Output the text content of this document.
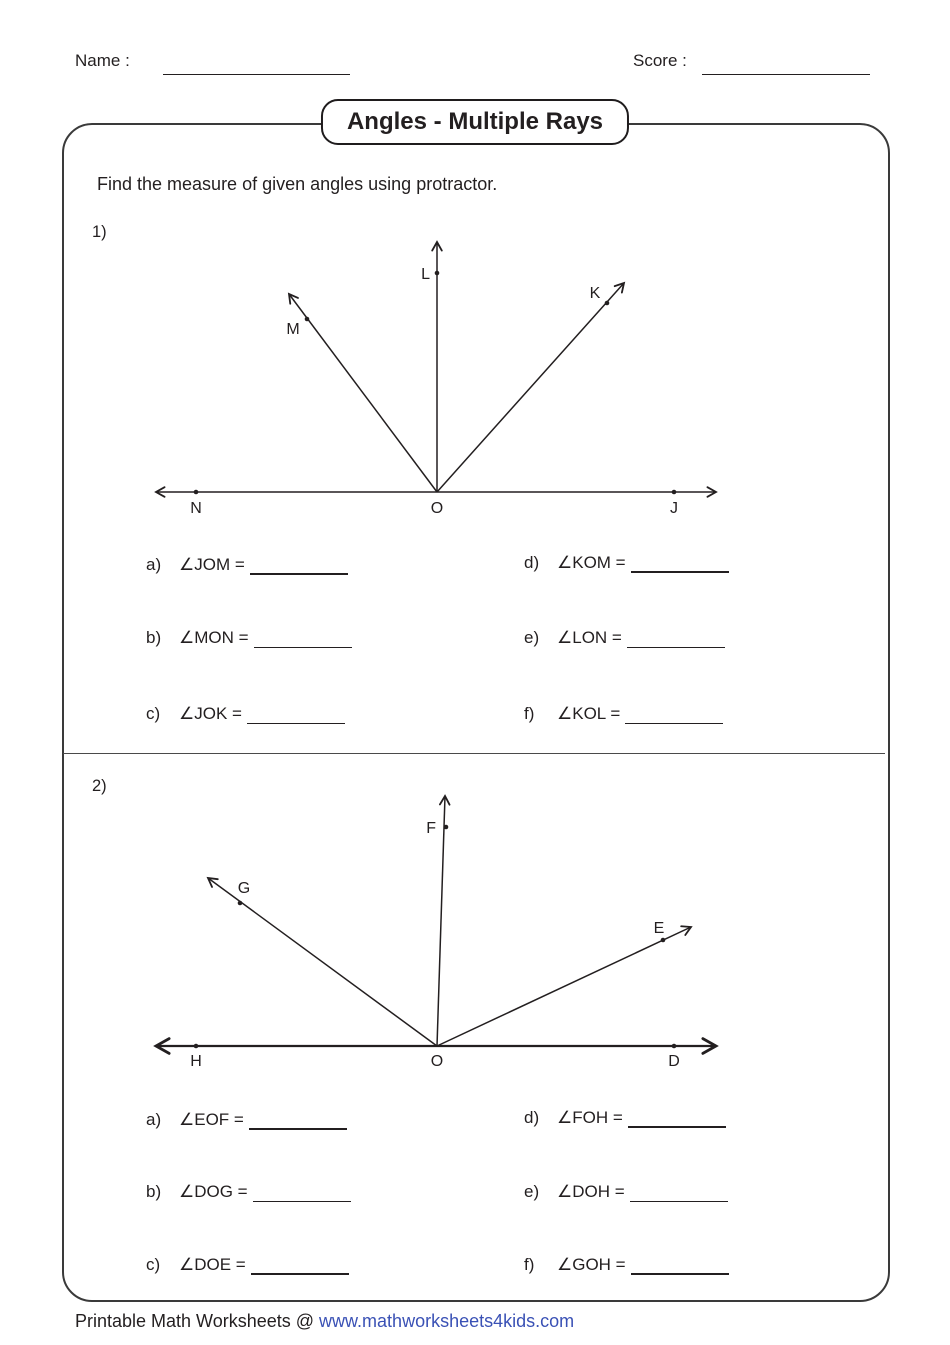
Name :	Score :
Angles - Multiple Rays
Find the measure of given angles using protractor.
1)
2)
N	O	J
L
M
K
H	O	D
F
G
E
a)	∠JOM =
b)	∠MON =
c)	∠JOK =
d)	∠KOM =
e)	∠LON =
f)	∠KOL =
a)	∠EOF =
b)	∠DOG =
c)	∠DOE =
d)	∠FOH =
e)	∠DOH =
f)	∠GOH =
Printable Math Worksheets @ www.mathworksheets4kids.com
